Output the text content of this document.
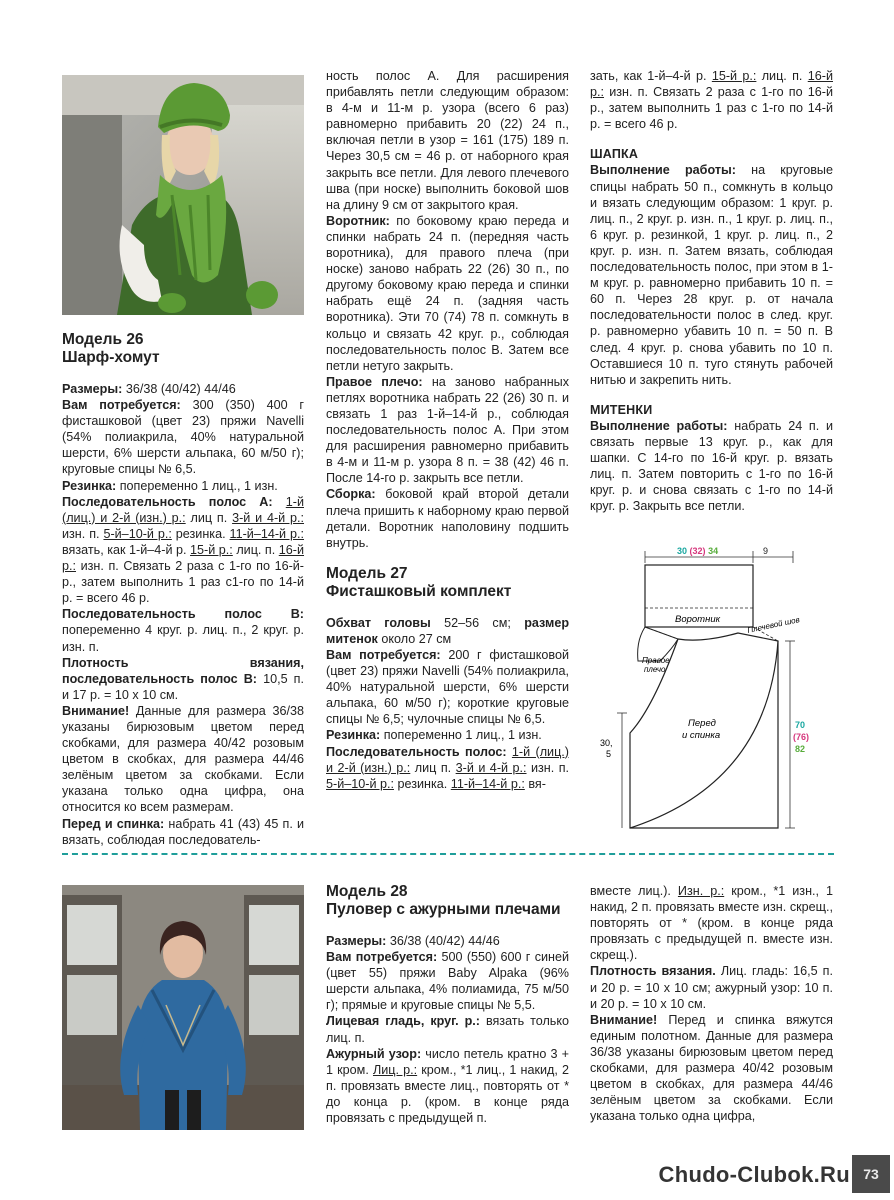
Модель 26
Шарф-хомут

Размеры: 36/38 (40/42) 44/46

Вам потребуется: 300 (350) 400 г фисташковой (цвет 23) пряжи Navelli (54% полиакрила, 40% натуральной шерсти, 6% шерсти альпака, 60 м/50 г); круговые спицы № 6,5.

Резинка: попеременно 1 лиц., 1 изн.

Последовательность полос А: 1-й (лиц.) и 2-й (изн.) р.: лиц п. 3-й и 4-й р.: изн. п. 5-й–10-й р.: резинка. 11-й–14-й р.: вязать, как 1-й–4-й р. 15-й р.: лиц. п. 16-й р.: изн. п. Связать 2 раза с 1-го по 16-й-р., затем выполнить 1 раз с1-го по 14-й р. = всего 46 р.

Последовательность полос В: попеременно 4 круг. р. лиц. п., 2 круг. р. изн. п.

Плотность вязания, последовательность полос В: 10,5 п. и 17 р. = 10 х 10 см.

Внимание! Данные для размера 36/38 указаны бирюзовым цветом перед скобками, для размера 40/42 розовым цветом в скобках, для размера 44/46 зелёным цветом за скобками. Если указана только одна цифра, она относится ко всем размерам.

Перед и спинка: набрать 41 (43) 45 п. и вязать, соблюдая последователь-

ность полос А. Для расширения прибавлять петли следующим образом: в 4-м и 11-м р. узора (всего 6 раз) равномерно прибавить 20 (22) 24 п., включая петли в узор = 161 (175) 189 п. Через 30,5 см = 46 р. от наборного края закрыть все петли. Для левого плечевого шва (при носке) выполнить боковой шов на длину 9 см от закрытого края.

Воротник: по боковому краю переда и спинки набрать 24 п. (передняя часть воротника), для правого плеча (при носке) заново набрать 22 (26) 30 п., по другому боковому краю переда и спинки набрать ещё 24 п. (задняя часть воротника). Эти 70 (74) 78 п. сомкнуть в кольцо и связать 42 круг. р., соблюдая последовательность полос В. Затем все петли нетуго закрыть.

Правое плечо: на заново набранных петлях воротника набрать 22 (26) 30 п. и связать 1 раз 1-й–14-й р., соблюдая последовательность полос А. При этом для расширения равномерно прибавить в 4-м и 11-м р. узора 8 п. = 38 (42) 46 п. После 14-го р. закрыть все петли.

Сборка: боковой край второй детали плеча пришить к наборному краю первой детали. Воротник наполовину подшить внутрь.

Модель 27
Фисташковый комплект

Обхват головы 52–56 см; размер митенок около 27 см

Вам потребуется: 200 г фисташковой (цвет 23) пряжи Navelli (54% полиакрила, 40% натуральной шерсти, 6% шерсти альпака, 60 м/50 г); короткие круговые спицы № 6,5; чулочные спицы № 6,5.

Резинка: попеременно 1 лиц., 1 изн.

Последовательность полос: 1-й (лиц.) и 2-й (изн.) р.: лиц п. 3-й и 4-й р.: изн. п. 5-й–10-й р.: резинка. 11-й–14-й р.: вя-

зать, как 1-й–4-й р. 15-й р.: лиц. п. 16-й р.: изн. п. Связать 2 раза с 1-го по 16-й р., затем выполнить 1 раз с 1-го по 14-й р. = всего 46 р.

ШАПКА

Выполнение работы: на круговые спицы набрать 50 п., сомкнуть в кольцо и вязать следующим образом: 1 круг. р. лиц. п., 2 круг. р. изн. п., 1 круг. р. лиц. п., 6 круг. р. резинкой, 1 круг. р. лиц. п., 2 круг. р. изн. п. Затем вязать, соблюдая последовательность полос, при этом в 1-м круг. р. равномерно прибавить 10 п. = 60 п. Через 28 круг. р. от начала последовательности полос в след. круг. р. равномерно убавить 10 п. = 50 п. В след. 4 круг. р. снова убавить по 10 п. Оставшиеся 10 п. туго стянуть рабочей нитью и закрепить нить.

МИТЕНКИ

Выполнение работы: набрать 24 п. и связать первые 13 круг. р., как для шапки. С 14-го по 16-й круг. р. вязать лиц. п. Затем повторить с 1-го по 16-й круг. р. и снова связать с 1-го по 14-й круг. р. Закрыть все петли.

30 (32) 34	9
Воротник
Правое
плечо
Плечевой шов
Перед
и спинка
30,
5
70
(76)
82
Модель 28
Пуловер с ажурными плечами

Размеры: 36/38 (40/42) 44/46

Вам потребуется: 500 (550) 600 г синей (цвет 55) пряжи Baby Alpaka (96% шерсти альпака, 4% полиамида, 75 м/50 г); прямые и круговые спицы № 5,5.

Лицевая гладь, круг. р.: вязать только лиц. п.

Ажурный узор: число петель кратно 3 + 1 кром. Лиц. р.: кром., *1 лиц., 1 накид, 2 п. провязать вместе лиц., повторять от * до конца р. (кром. в конце ряда провязать с предыдущей п.

вместе лиц.). Изн. р.: кром., *1 изн., 1 накид, 2 п. провязать вместе изн. скрещ., повторять от * (кром. в конце ряда провязать с предыдущей п. вместе изн. скрещ.).

Плотность вязания. Лиц. гладь: 16,5 п. и 20 р. = 10 х 10 см; ажурный узор: 10 п. и 20 р. = 10 х 10 см.

Внимание! Перед и спинка вяжутся единым полотном. Данные для размера 36/38 указаны бирюзовым цветом перед скобками, для размера 40/42 розовым цветом в скобках, для размера 44/46 зелёным цветом за скобками. Если указана только одна цифра,

Chudo-Clubok.Ru 73
